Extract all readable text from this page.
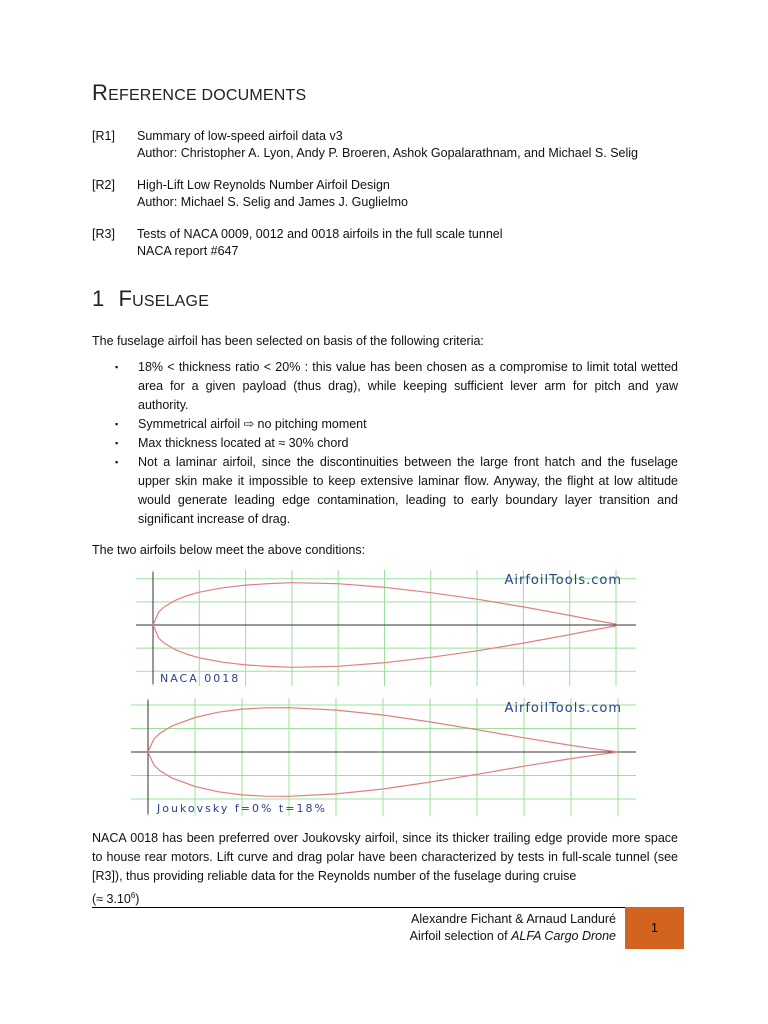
REFERENCE DOCUMENTS
[R1]	Summary of low-speed airfoil data v3
Author: Christopher A. Lyon, Andy P. Broeren, Ashok Gopalarathnam, and Michael S. Selig
[R2]	High-Lift Low Reynolds Number Airfoil Design
Author: Michael S. Selig and James J. Guglielmo
[R3]	Tests of NACA 0009, 0012 and 0018 airfoils in the full scale tunnel
NACA report #647
1 FUSELAGE
The fuselage airfoil has been selected on basis of the following criteria:
▪ 18% < thickness ratio < 20% : this value has been chosen as a compromise to limit total wetted area for a given payload (thus drag), while keeping sufficient lever arm for pitch and yaw authority.
▪ Symmetrical airfoil ⇨ no pitching moment
▪ Max thickness located at ≈ 30% chord
▪ Not a laminar airfoil, since the discontinuities between the large front hatch and the fuselage upper skin make it impossible to keep extensive laminar flow. Anyway, the flight at low altitude would generate leading edge contamination, leading to early boundary layer transition and significant increase of drag.
The two airfoils below meet the above conditions:
AirfoilTools.com
NACA 0018
AirfoilTools.com
Joukovsky f=0% t=18%
NACA 0018 has been preferred over Joukovsky airfoil, since its thicker trailing edge provide more space to house rear motors. Lift curve and drag polar have been characterized by tests in full-scale tunnel (see [R3]), thus providing reliable data for the Reynolds number of the fuselage during cruise
(≈ $3.10^6$)
Alexandre Fichant & Arnaud Landuré
Airfoil selection of ALFA Cargo Drone
1
